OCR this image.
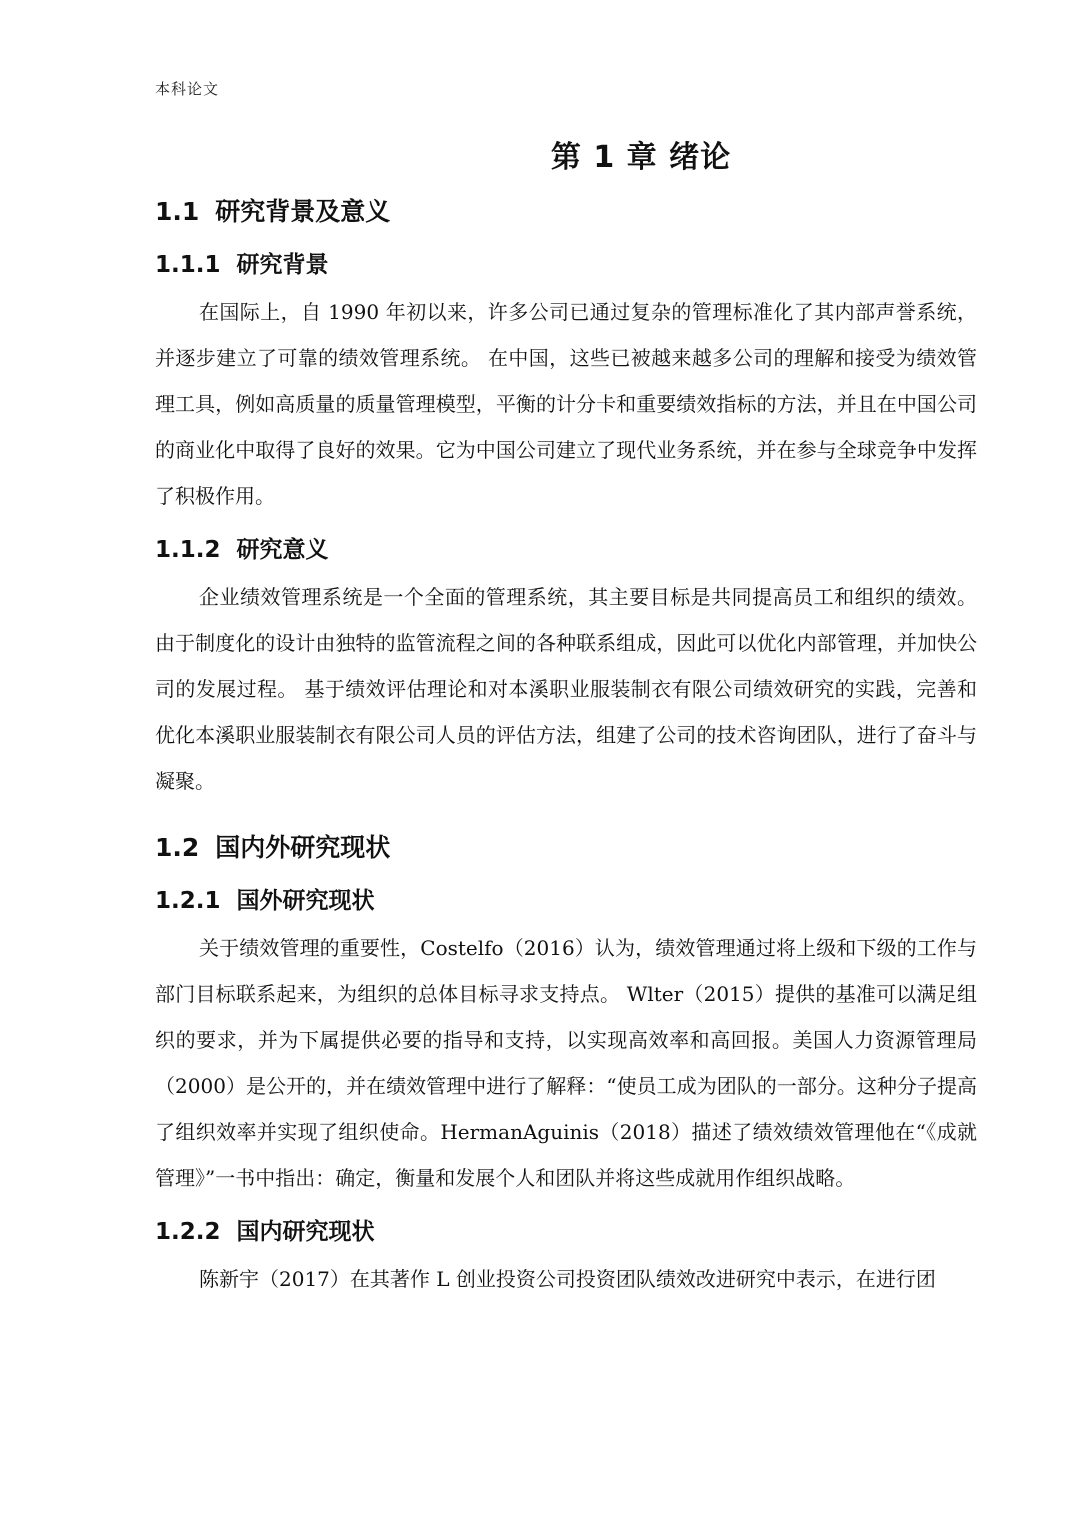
本科论文
第 1 章 绪论
1.1 研究背景及意义
1.1.1 研究背景

在国际上，自 1990 年初以来，许多公司已通过复杂的管理标准化了其内部声誉系统，并逐步建立了可靠的绩效管理系统。 在中国，这些已被越来越多公司的理解和接受为绩效管理工具，例如高质量的质量管理模型，平衡的计分卡和重要绩效指标的方法，并且在中国公司的商业化中取得了良好的效果。它为中国公司建立了现代业务系统，并在参与全球竞争中发挥了积极作用。

1.1.2 研究意义

企业绩效管理系统是一个全面的管理系统，其主要目标是共同提高员工和组织的绩效。 由于制度化的设计由独特的监管流程之间的各种联系组成，因此可以优化内部管理，并加快公司的发展过程。 基于绩效评估理论和对本溪职业服装制衣有限公司绩效研究的实践，完善和优化本溪职业服装制衣有限公司人员的评估方法，组建了公司的技术咨询团队，进行了奋斗与凝聚。

1.2 国内外研究现状
1.2.1 国外研究现状

关于绩效管理的重要性，Costelfo（2016）认为，绩效管理通过将上级和下级的工作与部门目标联系起来，为组织的总体目标寻求支持点。 Wlter（2015）提供的基准可以满足组织的要求，并为下属提供必要的指导和支持，以实现高效率和高回报。美国人力资源管理局（2000）是公开的，并在绩效管理中进行了解释：“使员工成为团队的一部分。这种分子提高了组织效率并实现了组织使命。HermanAguinis（2018）描述了绩效绩效管理他在“《成就管理》”一书中指出：确定，衡量和发展个人和团队并将这些成就用作组织战略。

1.2.2 国内研究现状

陈新宇（2017）在其著作 L 创业投资公司投资团队绩效改进研究中表示，在进行团
